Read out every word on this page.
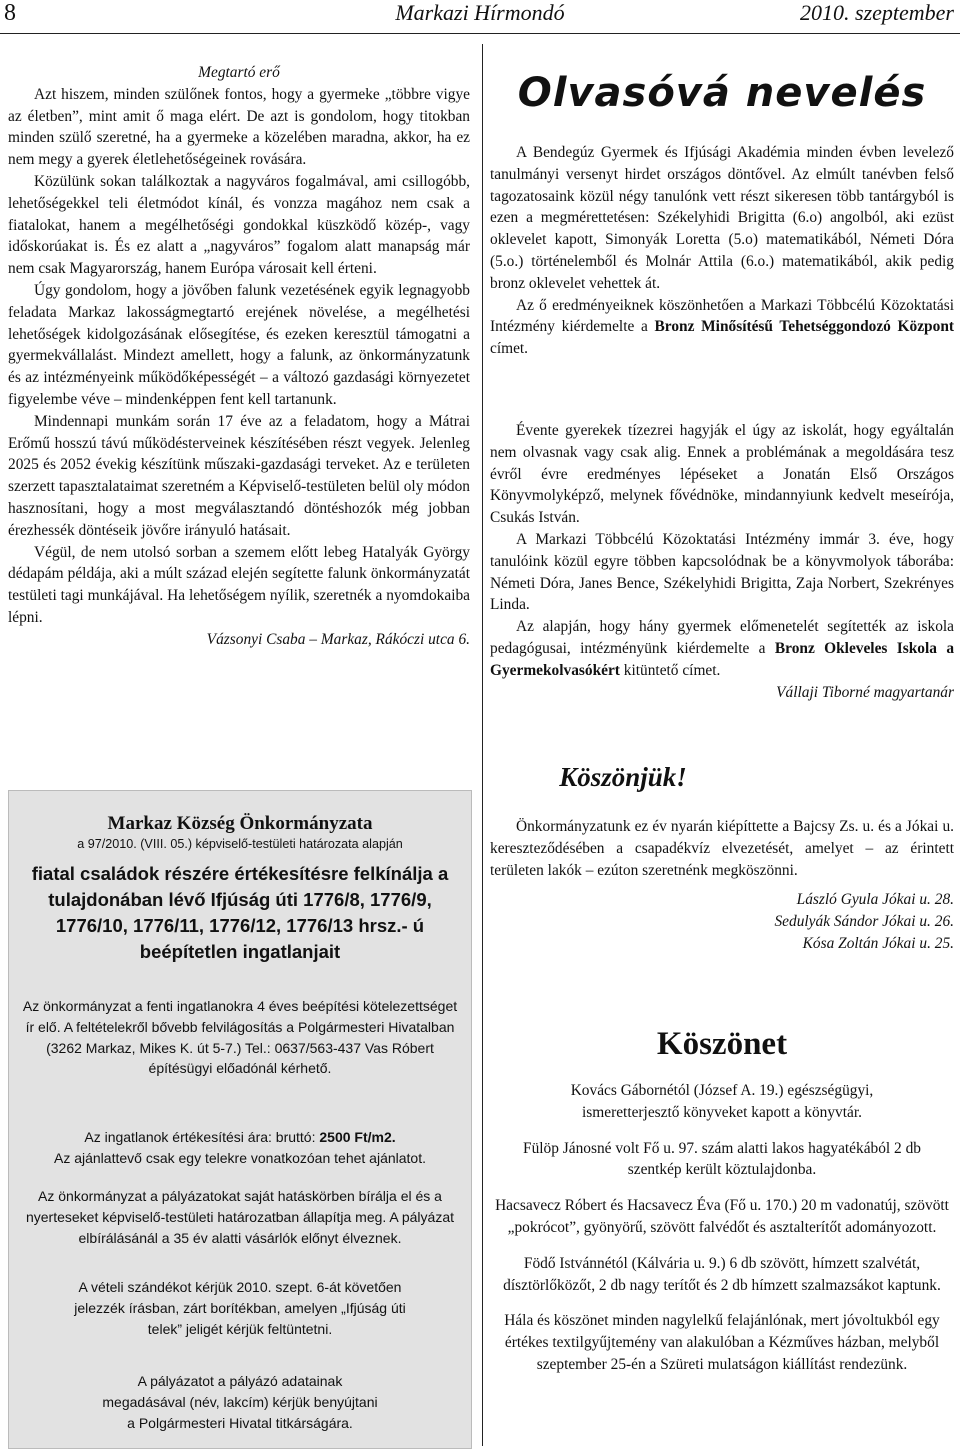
8	Markazi Hírmondó	2010. szeptember

Megtartó erő

Azt hiszem, minden szülőnek fontos, hogy a gyermeke „többre vigye az életben”, mint amit ő maga elért. De azt is gondolom, hogy titokban minden szülő szeretné, ha a gyermeke a közelében maradna, akkor, ha ez nem megy a gyerek életlehetőségeinek rovására.

Közülünk sokan találkoztak a nagyváros fogalmával, ami csillogóbb, lehetőségekkel teli életmódot kínál, és vonzza magához nem csak a fiatalokat, hanem a megélhetőségi gondokkal küszködő közép-, vagy időskorúakat is. És ez alatt a „nagyváros” fogalom alatt manapság már nem csak Magyarország, hanem Európa városait kell érteni.

Úgy gondolom, hogy a jövőben falunk vezetésének egyik legnagyobb feladata Markaz lakosságmegtartó erejének növelése, a megélhetési lehetőségek kidolgozásának elősegítése, és ezeken keresztül támogatni a gyermekvállalást. Mindezt amellett, hogy a falunk, az önkormányzatunk és az intézményeink működőképességét – a változó gazdasági környezetet figyelembe véve – mindenképpen fent kell tartanunk.

Mindennapi munkám során 17 éve az a feladatom, hogy a Mátrai Erőmű hosszú távú működésterveinek készítésében részt vegyek. Jelenleg 2025 és 2052 évekig készítünk műszaki-gazdasági terveket. Az e területen szerzett tapasztalataimat szeretném a Képviselő-testületen belül oly módon hasznosítani, hogy a most megválasztandó döntéshozók még jobban érezhessék döntéseik jövőre irányuló hatásait.

Végül, de nem utolsó sorban a szemem előtt lebeg Hatalyák György dédapám példája, aki a múlt század elején segítette falunk önkormányzatát testületi tagi munkájával. Ha lehetőségem nyílik, szeretnék a nyomdokaiba lépni.

Vázsonyi Csaba – Markaz, Rákóczi utca 6.

Markaz Község Önkormányzata
a 97/2010. (VIII. 05.) képviselő-testületi határozata alapján
fiatal családok részére értékesítésre felkínálja a tulajdonában lévő Ifjúság úti 1776/8, 1776/9, 1776/10, 1776/11, 1776/12, 1776/13 hrsz.- ú beépítetlen ingatlanjait
Az önkormányzat a fenti ingatlanokra 4 éves beépítési kötelezettséget ír elő. A feltételekről bővebb felvilágosítás a Polgármesteri Hivatalban (3262 Markaz, Mikes K. út 5-7.) Tel.: 0637/563-437 Vas Róbert építésügyi előadónál kérhető.
Az ingatlanok értékesítési ára: bruttó: 2500 Ft/m2.
Az ajánlattevő csak egy telekre vonatkozóan tehet ajánlatot.
Az önkormányzat a pályázatokat saját hatáskörben bírálja el és a nyerteseket képviselő-testületi határozatban állapítja meg. A pályázat elbírálásánál a 35 év alatti vásárlók előnyt élveznek.
A vételi szándékot kérjük 2010. szept. 6-át követően jelezzék írásban, zárt borítékban, amelyen „Ifjúság úti telek” jeligét kérjük feltüntetni.
A pályázatot a pályázó adatainak megadásával (név, lakcím) kérjük benyújtani a Polgármesteri Hivatal titkárságára.
Olvasóvá nevelés

A Bendegúz Gyermek és Ifjúsági Akadémia minden évben levelező tanulmányi versenyt hirdet országos döntővel. Az elmúlt tanévben felső tagozatosaink közül négy tanulónk vett részt sikeresen több tantárgyból is ezen a megmérettetésen: Székelyhidi Brigitta (6.o) angolból, aki ezüst oklevelet kapott, Simonyák Loretta (5.o) matematikából, Németi Dóra (5.o.) történelemből és Molnár Attila (6.o.) matematikából, akik pedig bronz oklevelet vehettek át.

Az ő eredményeiknek köszönhetően a Markazi Többcélú Közoktatási Intézmény kiérdemelte a Bronz Minősítésű Tehetséggondozó Központ címet.

Évente gyerekek tízezrei hagyják el úgy az iskolát, hogy egyáltalán nem olvasnak vagy csak alig. Ennek a problémának a megoldására tesz évről évre eredményes lépéseket a Jonatán Első Országos Könyvmolyképző, melynek fővédnöke, mindannyiunk kedvelt meseírója, Csukás István.

A Markazi Többcélú Közoktatási Intézmény immár 3. éve, hogy tanulóink közül egyre többen kapcsolódnak be a könyvmolyok táborába: Németi Dóra, Janes Bence, Székelyhidi Brigitta, Zaja Norbert, Szekrényes Linda.

Az alapján, hogy hány gyermek előmenetelét segítették az iskola pedagógusai, intézményünk kiérdemelte a Bronz Okleveles Iskola a Gyermekolvasókért kitüntető címet.

Vállaji Tiborné magyartanár

Köszönjük!

Önkormányzatunk ez év nyarán kiépíttette a Bajcsy Zs. u. és a Jókai u. kereszteződésében a csapadékvíz elvezetését, amelyet – az érintett területen lakók – ezúton szeretnénk megköszönni.

László Gyula Jókai u. 28.

Sedulyák Sándor Jókai u. 26.

Kósa Zoltán Jókai u. 25.

Köszönet

Kovács Gábornétól (József A. 19.) egészségügyi, ismeretterjesztő könyveket kapott a könyvtár.

Fülöp Jánosné volt Fő u. 97. szám alatti lakos hagyatékából 2 db szentkép került köztulajdonba.

Hacsavecz Róbert és Hacsavecz Éva (Fő u. 170.) 20 m vadonatúj, szövött „pokrócot”, gyönyörű, szövött falvédőt és asztalterítőt adományozott.

Födő Istvánnétól (Kálvária u. 9.) 6 db szövött, hímzett szalvétát, dísztörlőközőt, 2 db nagy terítőt és 2 db hímzett szalmazsákot kaptunk.

Hála és köszönet minden nagylelkű felajánlónak, mert jóvoltukból egy értékes textilgyűjtemény van alakulóban a Kézműves házban, melyből szeptember 25-én a Szüreti mulatságon kiállítást rendezünk.
